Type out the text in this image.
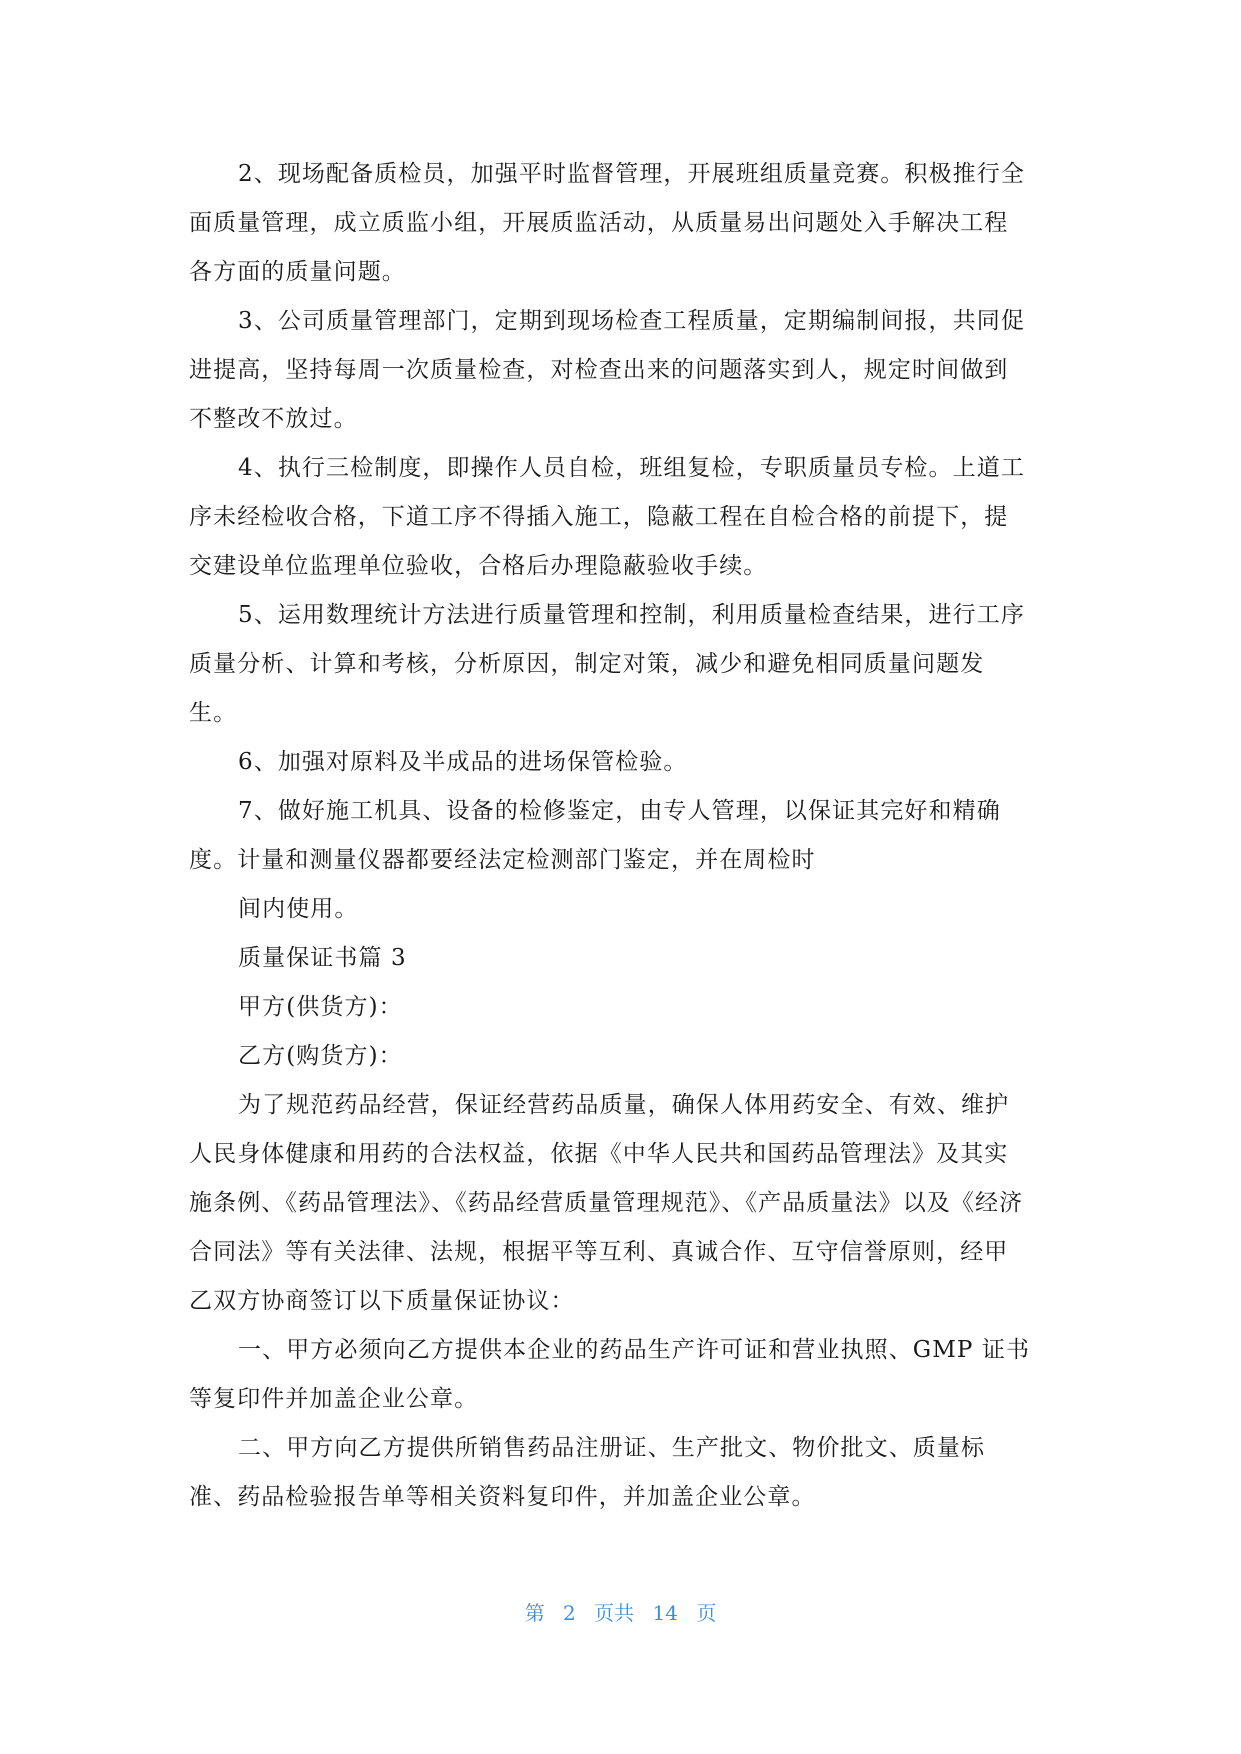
2、现场配备质检员，加强平时监督管理，开展班组质量竞赛。积极推行全

面质量管理，成立质监小组，开展质监活动，从质量易出问题处入手解决工程

各方面的质量问题。

3、公司质量管理部门，定期到现场检查工程质量，定期编制间报，共同促

进提高，坚持每周一次质量检查，对检查出来的问题落实到人，规定时间做到

不整改不放过。

4、执行三检制度，即操作人员自检，班组复检，专职质量员专检。上道工

序未经检收合格，下道工序不得插入施工，隐蔽工程在自检合格的前提下，提

交建设单位监理单位验收，合格后办理隐蔽验收手续。

5、运用数理统计方法进行质量管理和控制，利用质量检查结果，进行工序

质量分析、计算和考核，分析原因，制定对策，减少和避免相同质量问题发

生。

6、加强对原料及半成品的进场保管检验。

7、做好施工机具、设备的检修鉴定，由专人管理，以保证其完好和精确

度。计量和测量仪器都要经法定检测部门鉴定，并在周检时

间内使用。

质量保证书篇 3

甲方(供货方)：

乙方(购货方)：

为了规范药品经营，保证经营药品质量，确保人体用药安全、有效、维护

人民身体健康和用药的合法权益，依据《中华人民共和国药品管理法》及其实

施条例、《药品管理法》、《药品经营质量管理规范》、《产品质量法》以及《经济

合同法》等有关法律、法规，根据平等互利、真诚合作、互守信誉原则，经甲

乙双方协商签订以下质量保证协议：

一、甲方必须向乙方提供本企业的药品生产许可证和营业执照、GMP 证书

等复印件并加盖企业公章。

二、甲方向乙方提供所销售药品注册证、生产批文、物价批文、质量标

准、药品检验报告单等相关资料复印件，并加盖企业公章。

第 2 页共 14 页
